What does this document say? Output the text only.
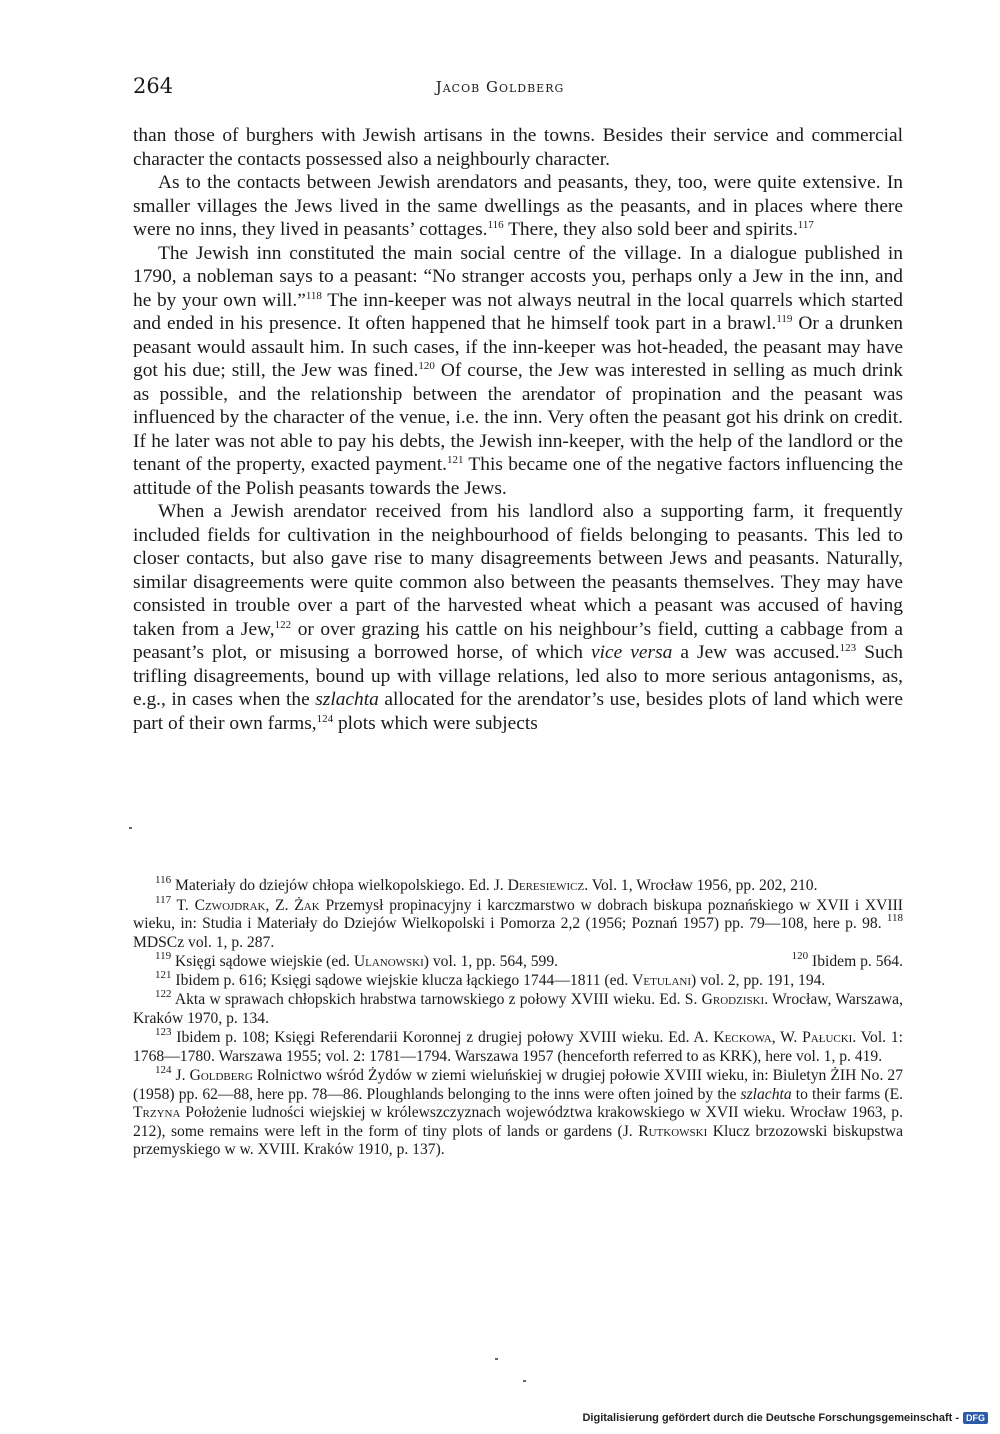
264	Jacob Goldberg

than those of burghers with Jewish artisans in the towns. Besides their service and commercial character the contacts possessed also a neighbourly character.

As to the contacts between Jewish arendators and peasants, they, too, were quite extensive. In smaller villages the Jews lived in the same dwellings as the peasants, and in places where there were no inns, they lived in peasants’ cottages.$^{116}$ There, they also sold beer and spirits.$^{117}$

The Jewish inn constituted the main social centre of the village. In a dialogue published in 1790, a nobleman says to a peasant: “No stranger accosts you, perhaps only a Jew in the inn, and he by your own will.”$^{118}$ The inn-keeper was not always neutral in the local quarrels which started and ended in his presence. It often happened that he himself took part in a brawl.$^{119}$ Or a drunken peasant would assault him. In such cases, if the inn-keeper was hot-headed, the peasant may have got his due; still, the Jew was fined.$^{120}$ Of course, the Jew was interested in selling as much drink as possible, and the relationship between the arendator of propination and the peasant was influenced by the character of the venue, i.e. the inn. Very often the peasant got his drink on credit. If he later was not able to pay his debts, the Jewish inn-keeper, with the help of the landlord or the tenant of the property, exacted payment.$^{121}$ This became one of the negative factors influencing the attitude of the Polish peasants towards the Jews.

When a Jewish arendator received from his landlord also a supporting farm, it frequently included fields for cultivation in the neighbourhood of fields belonging to peasants. This led to closer contacts, but also gave rise to many disagreements between Jews and peasants. Naturally, similar disagreements were quite common also between the peasants themselves. They may have consisted in trouble over a part of the harvested wheat which a peasant was accused of having taken from a Jew,$^{122}$ or over grazing his cattle on his neighbour’s field, cutting a cabbage from a peasant’s plot, or misusing a borrowed horse, of which vice versa a Jew was accused.$^{123}$ Such trifling disagreements, bound up with village relations, led also to more serious antagonisms, as, e.g., in cases when the szlachta allocated for the arendator’s use, besides plots of land which were part of their own farms,$^{124}$ plots which were subjects

$^{116}$ Materiały do dziejów chłopa wielkopolskiego. Ed. J. Deresiewicz. Vol. 1, Wrocław 1956, pp. 202, 210.

$^{117}$ T. Czwojdrak, Z. Żak Przemysł propinacyjny i karczmarstwo w dobrach biskupa poznańskiego w XVII i XVIII wieku, in: Studia i Materiały do Dziejów Wielkopolski i Pomorza 2,2 (1956; Poznań 1957) pp. 79—108, here p. 98. $^{118}$ MDSCz vol. 1, p. 287.

$^{119}$ Księgi sądowe wiejskie (ed. Ulanowski) vol. 1, pp. 564, 599.	$^{120}$ Ibidem p. 564.

$^{121}$ Ibidem p. 616; Księgi sądowe wiejskie klucza łąckiego 1744—1811 (ed. Vetulani) vol. 2, pp. 191, 194.

$^{122}$ Akta w sprawach chłopskich hrabstwa tarnowskiego z połowy XVIII wieku. Ed. S. Grodziski. Wrocław, Warszawa, Kraków 1970, p. 134.

$^{123}$ Ibidem p. 108; Księgi Referendarii Koronnej z drugiej połowy XVIII wieku. Ed. A. Keckowa, W. Pałucki. Vol. 1: 1768—1780. Warszawa 1955; vol. 2: 1781—1794. Warszawa 1957 (henceforth referred to as KRK), here vol. 1, p. 419.

$^{124}$ J. Goldberg Rolnictwo wśród Żydów w ziemi wieluńskiej w drugiej połowie XVIII wieku, in: Biuletyn ŻIH No. 27 (1958) pp. 62—88, here pp. 78—86. Ploughlands belonging to the inns were often joined by the szlachta to their farms (E. Trzyna Położenie ludności wiejskiej w królewszczyznach województwa krakowskiego w XVII wieku. Wrocław 1963, p. 212), some remains were left in the form of tiny plots of lands or gardens (J. Rutkowski Klucz brzozowski biskupstwa przemyskiego w w. XVIII. Kraków 1910, p. 137).

Digitalisierung gefördert durch die Deutsche Forschungsgemeinschaft - DFG
